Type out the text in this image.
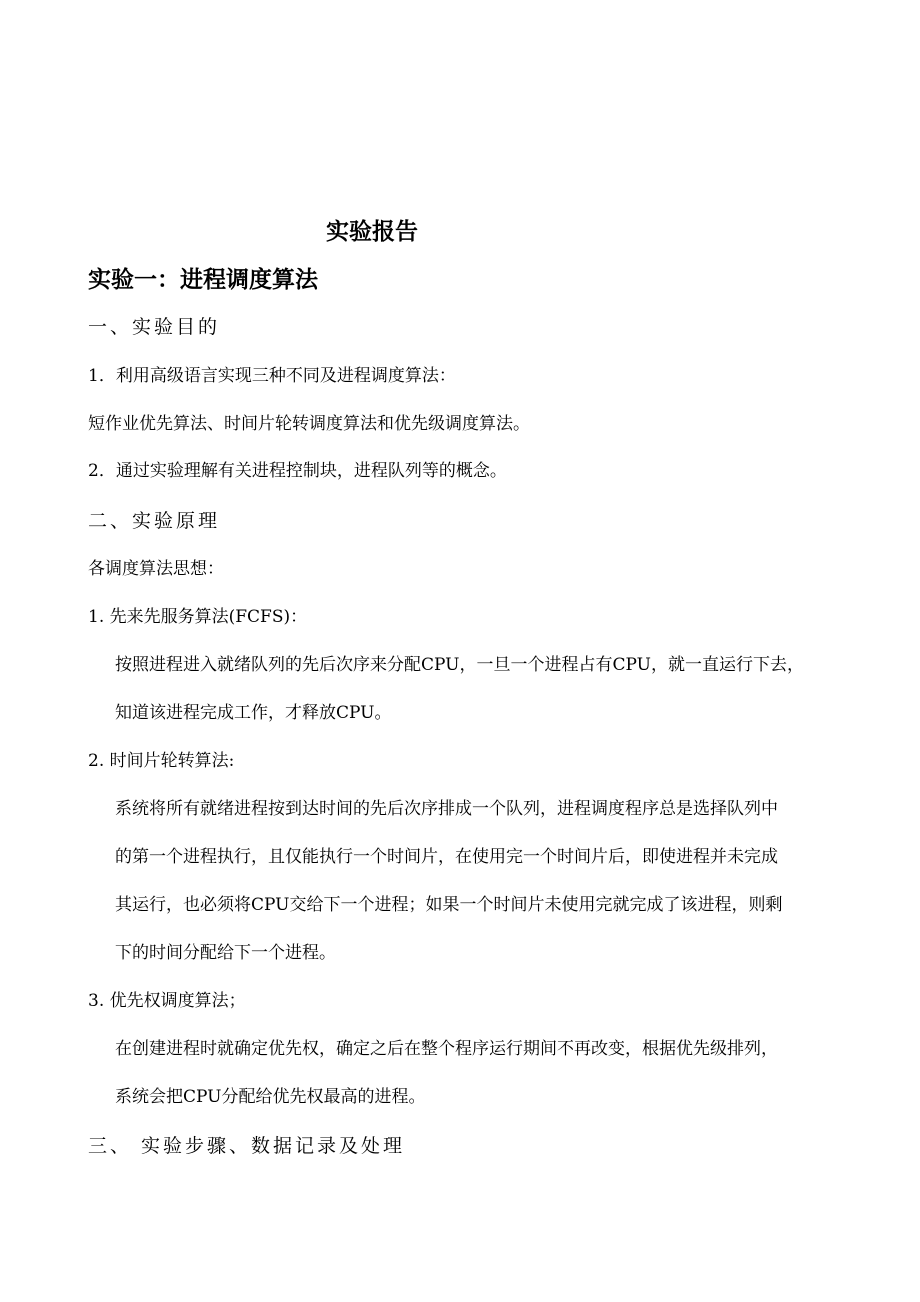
实验报告
实验一：进程调度算法
一、实验目的
1．利用高级语言实现三种不同及进程调度算法：
短作业优先算法、时间片轮转调度算法和优先级调度算法。
2．通过实验理解有关进程控制块，进程队列等的概念。
二、实验原理
各调度算法思想：
1. 先来先服务算法(FCFS)：
按照进程进入就绪队列的先后次序来分配CPU，一旦一个进程占有CPU，就一直运行下去，
知道该进程完成工作，才释放CPU。
2. 时间片轮转算法:
系统将所有就绪进程按到达时间的先后次序排成一个队列，进程调度程序总是选择队列中
的第一个进程执行，且仅能执行一个时间片，在使用完一个时间片后，即使进程并未完成
其运行，也必须将CPU交给下一个进程；如果一个时间片未使用完就完成了该进程，则剩
下的时间分配给下一个进程。
3. 优先权调度算法；
在创建进程时就确定优先权，确定之后在整个程序运行期间不再改变，根据优先级排列，
系统会把CPU分配给优先权最高的进程。
三、 实验步骤、数据记录及处理
